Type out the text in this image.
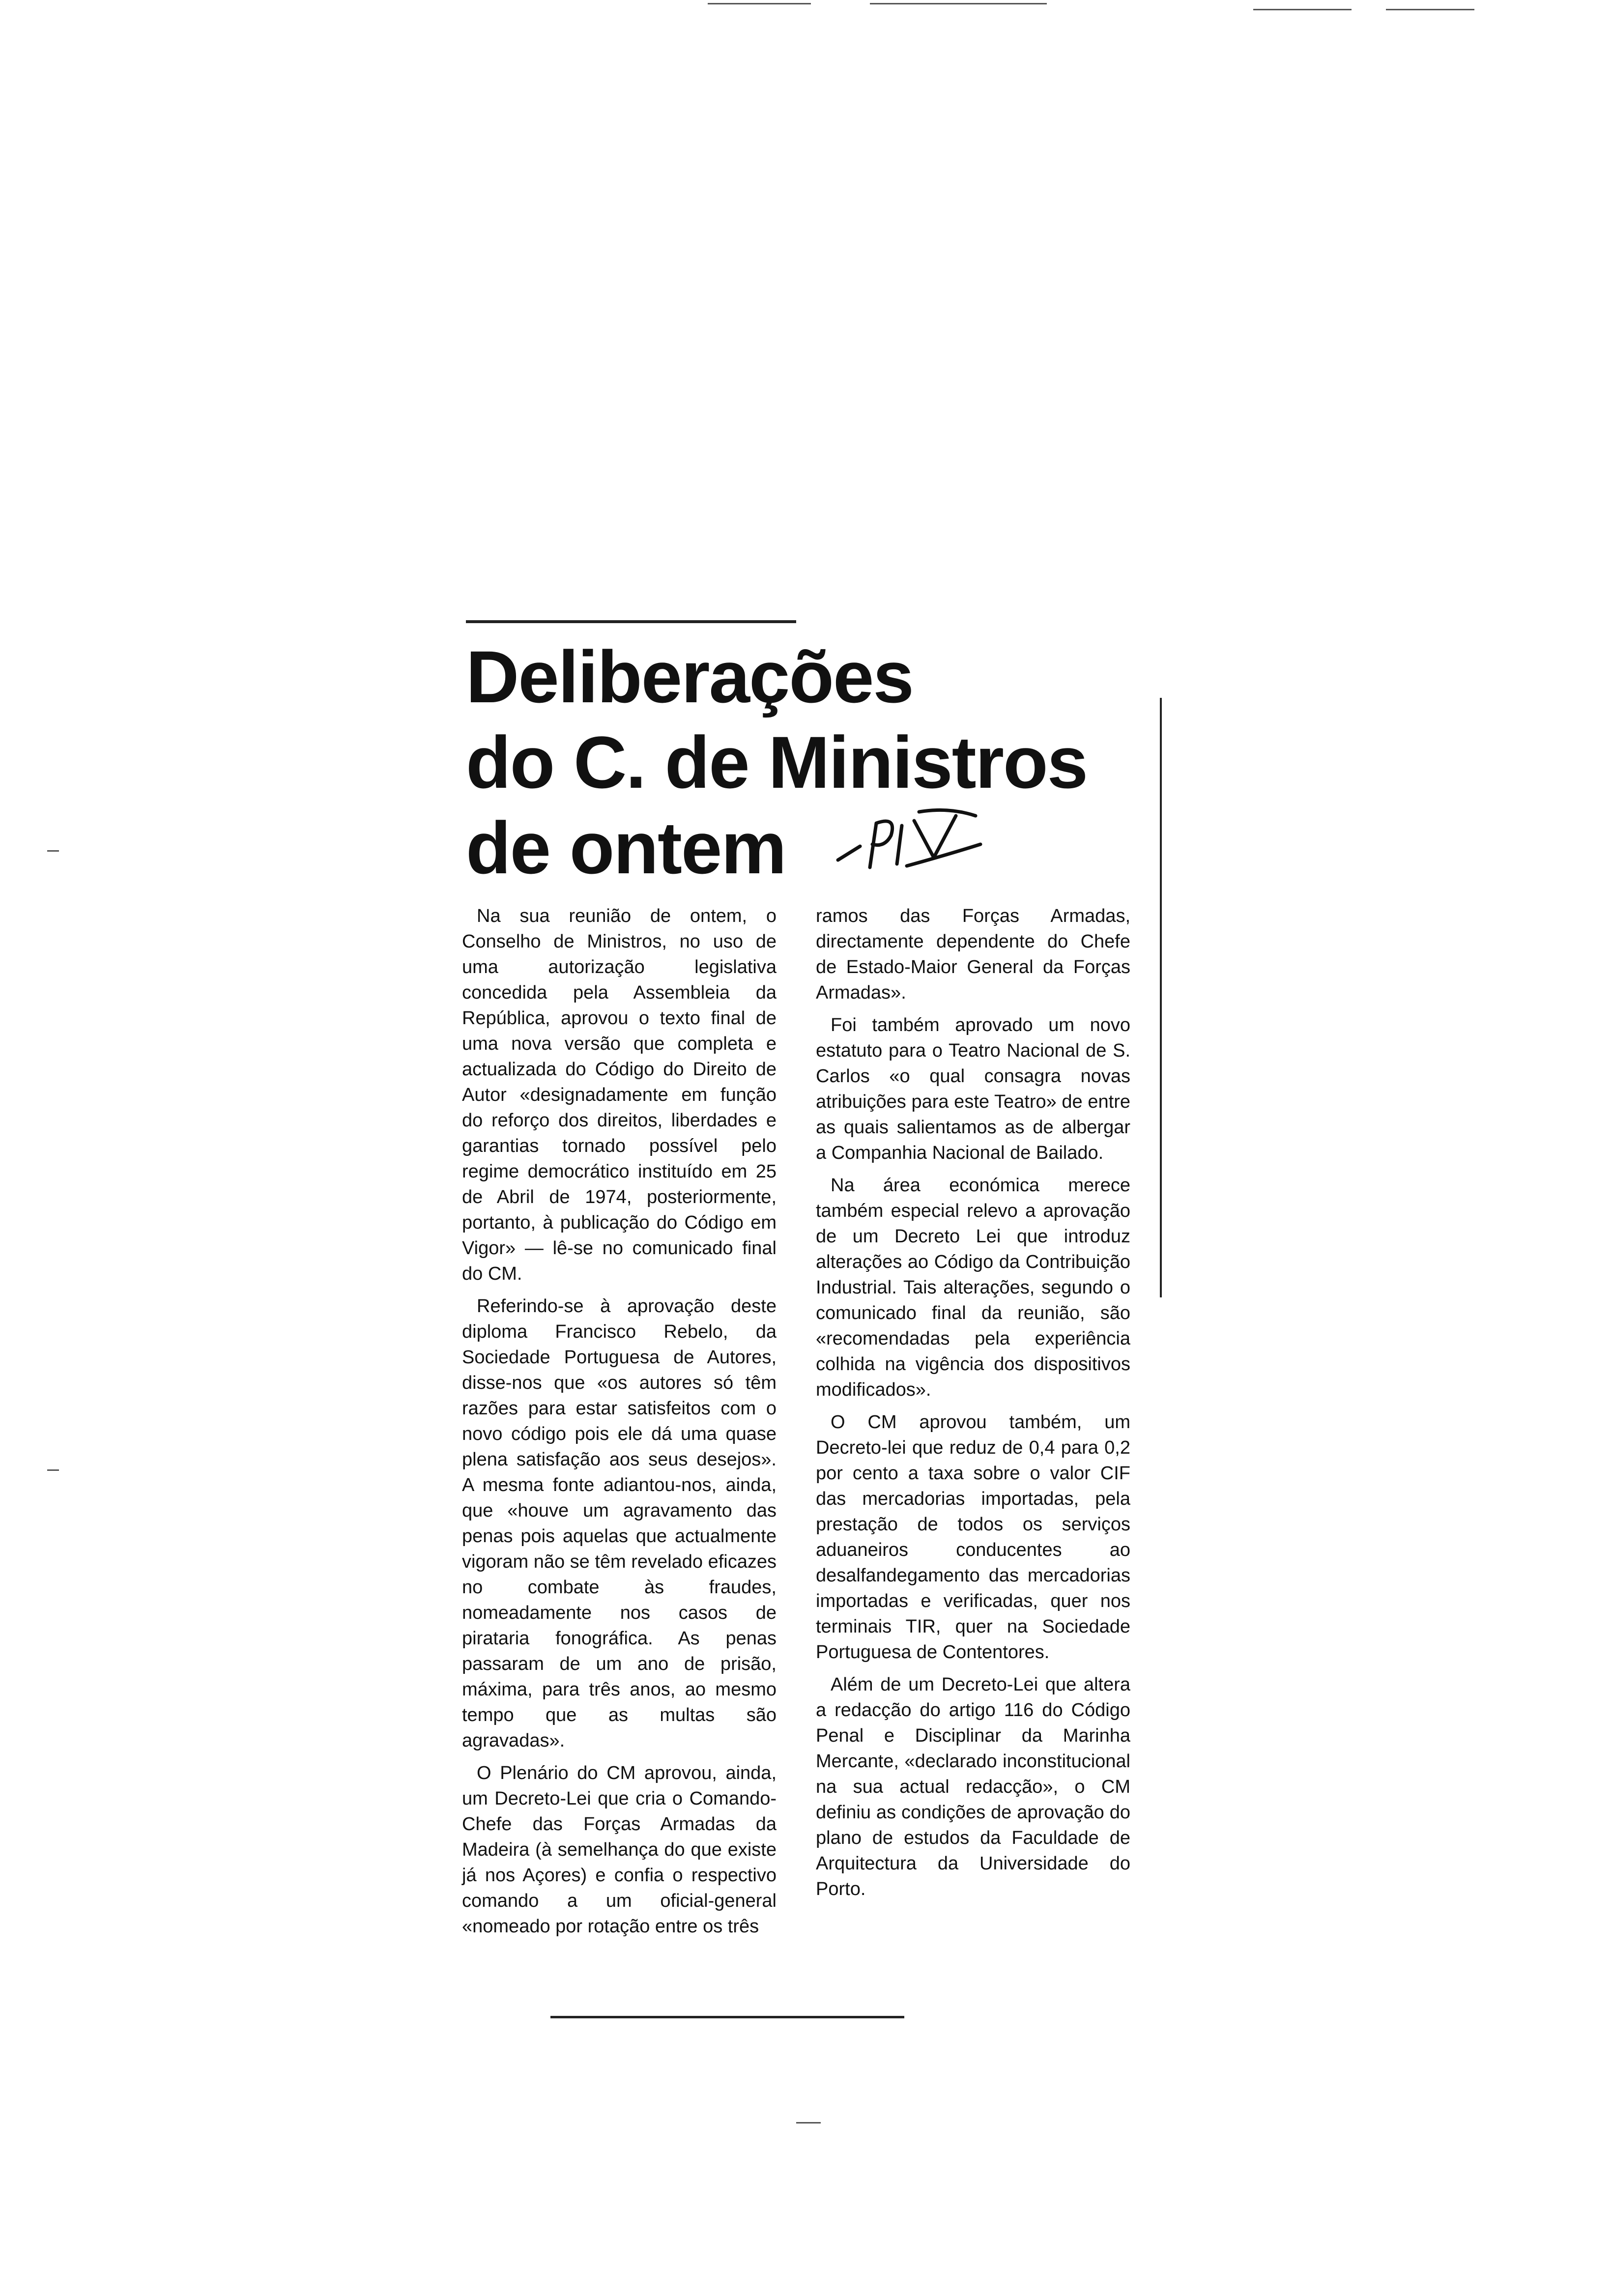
Deliberações
do C. de Ministros
de ontem

Na sua reunião de ontem, o Conselho de Ministros, no uso de uma autorização legislativa concedida pela Assembleia da República, aprovou o texto final de uma nova versão que completa e actualizada do Código do Direito de Autor «designadamente em função do reforço dos direitos, liberdades e garantias tornado possível pelo regime democrático instituído em 25 de Abril de 1974, posteriormente, portanto, à publicação do Código em Vigor» — lê-se no comunicado final do CM.

Referindo-se à aprovação deste diploma Francisco Rebelo, da Sociedade Portuguesa de Autores, disse-nos que «os autores só têm razões para estar satisfeitos com o novo código pois ele dá uma quase plena satisfação aos seus desejos». A mesma fonte adiantou-nos, ainda, que «houve um agravamento das penas pois aquelas que actualmente vigoram não se têm revelado eficazes no combate às fraudes, nomeadamente nos casos de pirataria fonográfica. As penas passaram de um ano de prisão, máxima, para três anos, ao mesmo tempo que as multas são agravadas».

O Plenário do CM aprovou, ainda, um Decreto-Lei que cria o Comando-Chefe das Forças Armadas da Madeira (à semelhança do que existe já nos Açores) e confia o respectivo comando a um oficial-general «nomeado por rotação entre os três

ramos das Forças Armadas, directamente dependente do Chefe de Estado-Maior General da Forças Armadas».

Foi também aprovado um novo estatuto para o Teatro Nacional de S. Carlos «o qual consagra novas atribuições para este Teatro» de entre as quais salientamos as de albergar a Companhia Nacional de Bailado.

Na área económica merece também especial relevo a aprovação de um Decreto Lei que introduz alterações ao Código da Contribuição Industrial. Tais alterações, segundo o comunicado final da reunião, são «recomendadas pela experiência colhida na vigência dos dispositivos modificados».

O CM aprovou também, um Decreto-lei que reduz de 0,4 para 0,2 por cento a taxa sobre o valor CIF das mercadorias importadas, pela prestação de todos os serviços aduaneiros conducentes ao desalfandegamento das mercadorias importadas e verificadas, quer nos terminais TIR, quer na Sociedade Portuguesa de Contentores.

Além de um Decreto-Lei que altera a redacção do artigo 116 do Código Penal e Disciplinar da Marinha Mercante, «declarado inconstitucional na sua actual redacção», o CM definiu as condições de aprovação do plano de estudos da Faculdade de Arquitectura da Universidade do Porto.
